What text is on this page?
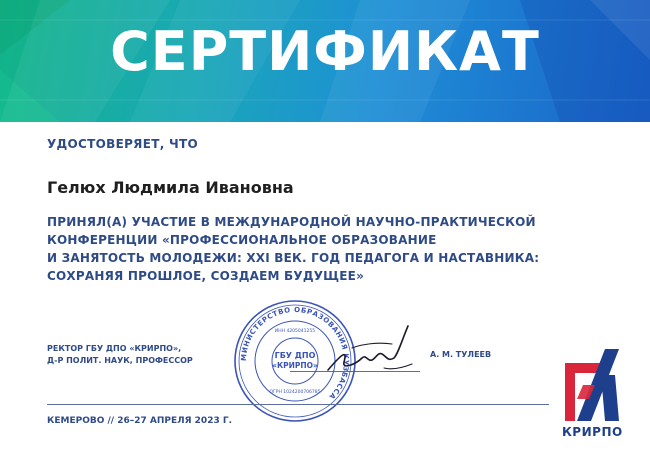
СЕРТИФИКАТ
УДОСТОВЕРЯЕТ, ЧТО
Гелюх Людмила Ивановна
ПРИНЯЛ(А) УЧАСТИЕ В МЕЖДУНАРОДНОЙ НАУЧНО-ПРАКТИЧЕСКОЙ
КОНФЕРЕНЦИИ «ПРОФЕССИОНАЛЬНОЕ ОБРАЗОВАНИЕ
И ЗАНЯТОСТЬ МОЛОДЕЖИ: XXI ВЕК. ГОД ПЕДАГОГА И НАСТАВНИКА:
СОХРАНЯЯ ПРОШЛОЕ, СОЗДАЕМ БУДУЩЕЕ»
РЕКТОР ГБУ ДПО «КРИРПО»,
Д-Р ПОЛИТ. НАУК, ПРОФЕССОР	МИНИСТЕРСТВО ОБРАЗОВАНИЯ КУЗБАССА
ГБУ ДПО
«КРИРПО»
ИНН 4205041255
ОГРН 1024200706785
А. М. ТУЛЕЕВ
КЕМЕРОВО // 26–27 АПРЕЛЯ 2023 Г.
КРИРПО
